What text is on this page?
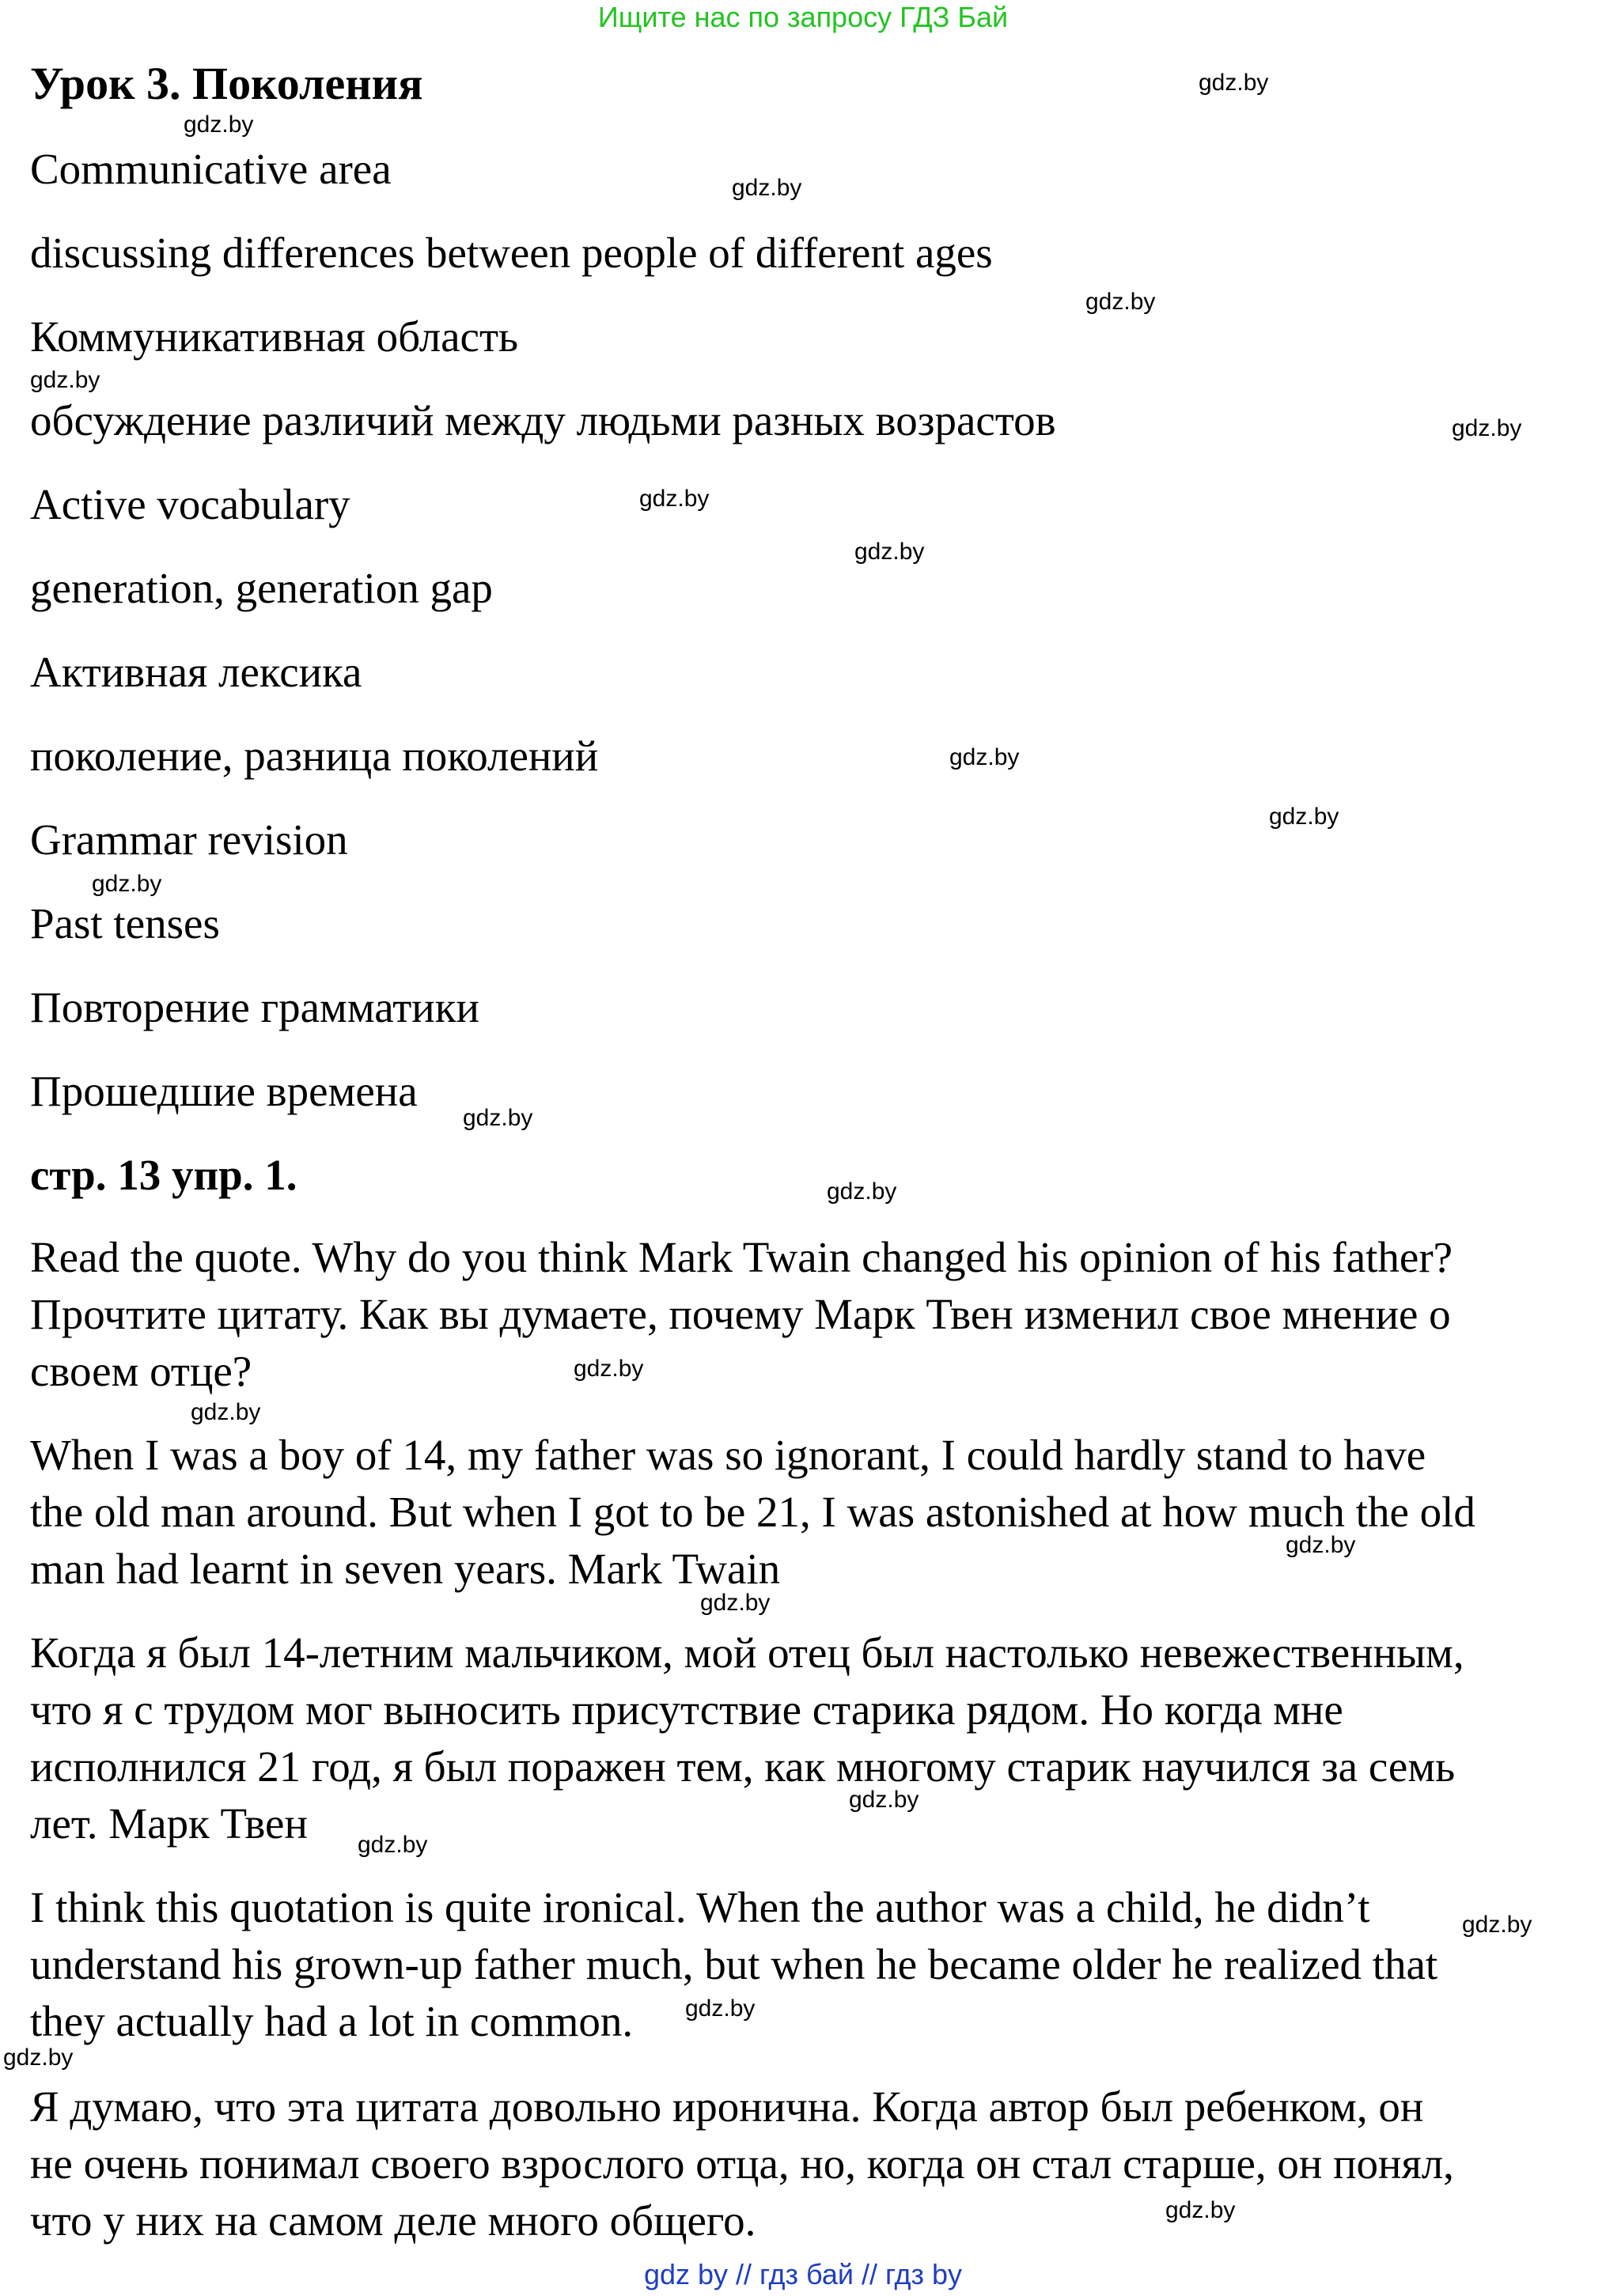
Ищите нас по запросу ГДЗ Бай
Урок 3. Поколения
Communicative area
discussing differences between people of different ages
Коммуникативная область
обсуждение различий между людьми разных возрастов
Active vocabulary
generation, generation gap
Активная лексика
поколение, разница поколений
Grammar revision
Past tenses
Повторение грамматики
Прошедшие времена
стр. 13 упр. 1.
Read the quote. Why do you think Mark Twain changed his opinion of his father?
Прочтите цитату. Как вы думаете, почему Марк Твен изменил свое мнение о
своем отце?
When I was a boy of 14, my father was so ignorant, I could hardly stand to have
the old man around. But when I got to be 21, I was astonished at how much the old
man had learnt in seven years. Mark Twain
Когда я был 14-летним мальчиком, мой отец был настолько невежественным,
что я с трудом мог выносить присутствие старика рядом. Но когда мне
исполнился 21 год, я был поражен тем, как многому старик научился за семь
лет. Марк Твен
I think this quotation is quite ironical. When the author was a child, he didn’t
understand his grown-up father much, but when he became older he realized that
they actually had a lot in common.
Я думаю, что эта цитата довольно иронична. Когда автор был ребенком, он
не очень понимал своего взрослого отца, но, когда он стал старше, он понял,
что у них на самом деле много общего.
gdz.by
gdz.by
gdz.by
gdz.by
gdz.by
gdz.by
gdz.by
gdz.by
gdz.by
gdz.by
gdz.by
gdz.by
gdz.by
gdz.by
gdz.by
gdz.by
gdz.by
gdz.by
gdz.by
gdz.by
gdz.by
gdz.by
gdz.by
gdz by // гдз бай // гдз by
